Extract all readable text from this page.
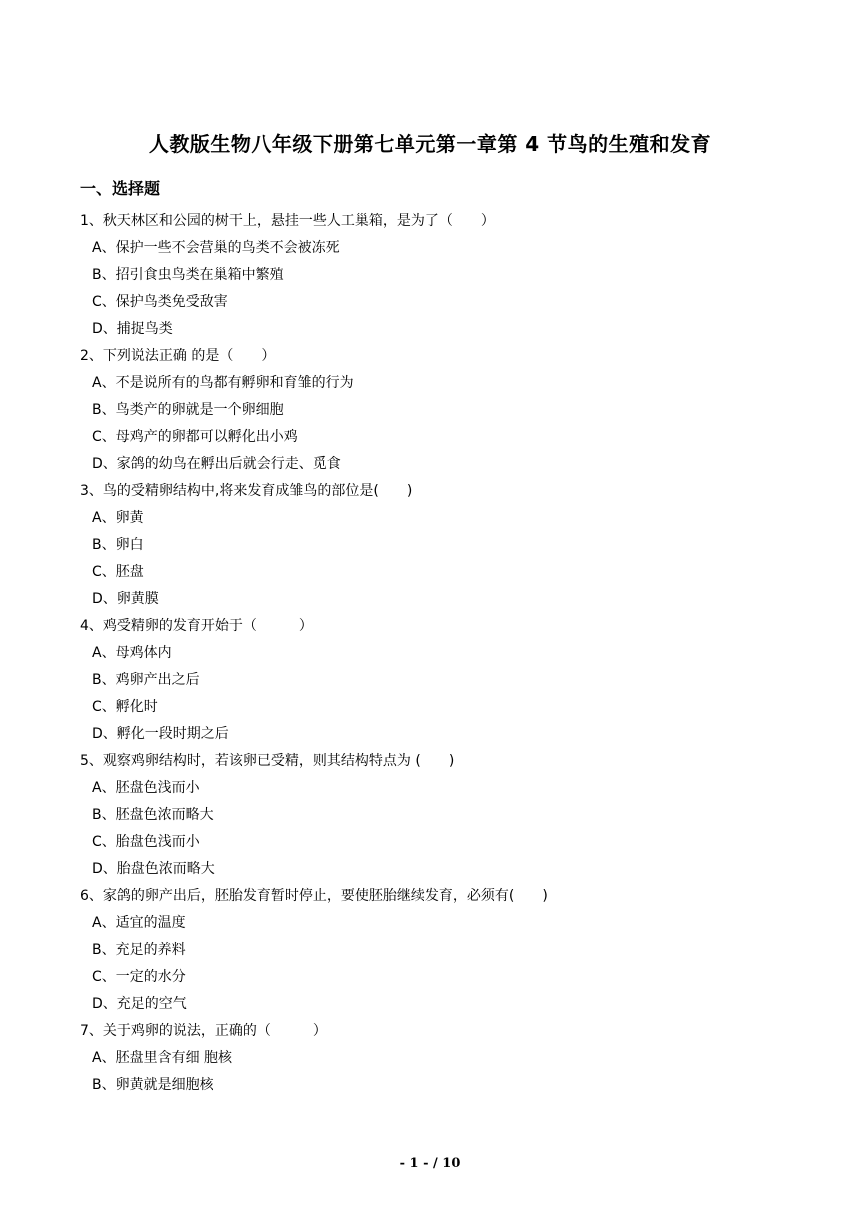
人教版生物八年级下册第七单元第一章第 4 节鸟的生殖和发育
一、选择题
1、秋天林区和公园的树干上，悬挂一些人工巢箱，是为了（　　）
A、保护一些不会营巢的鸟类不会被冻死
B、招引食虫鸟类在巢箱中繁殖
C、保护鸟类免受敌害
D、捕捉鸟类
2、下列说法正确 的是（　　）
A、不是说所有的鸟都有孵卵和育雏的行为
B、鸟类产的卵就是一个卵细胞
C、母鸡产的卵都可以孵化出小鸡
D、家鸽的幼鸟在孵出后就会行走、觅食
3、鸟的受精卵结构中,将来发育成雏鸟的部位是(　　)
A、卵黄
B、卵白
C、胚盘
D、卵黄膜
4、鸡受精卵的发育开始于（　　　）
A、母鸡体内
B、鸡卵产出之后
C、孵化时
D、孵化一段时期之后
5、观察鸡卵结构时，若该卵已受精，则其结构特点为 (　　)
A、胚盘色浅而小
B、胚盘色浓而略大
C、胎盘色浅而小
D、胎盘色浓而略大
6、家鸽的卵产出后，胚胎发育暂时停止，要使胚胎继续发育，必须有(　　)
A、适宜的温度
B、充足的养料
C、一定的水分
D、充足的空气
7、关于鸡卵的说法，正确的（　　　）
A、胚盘里含有细 胞核
B、卵黄就是细胞核
- 1 - / 10
